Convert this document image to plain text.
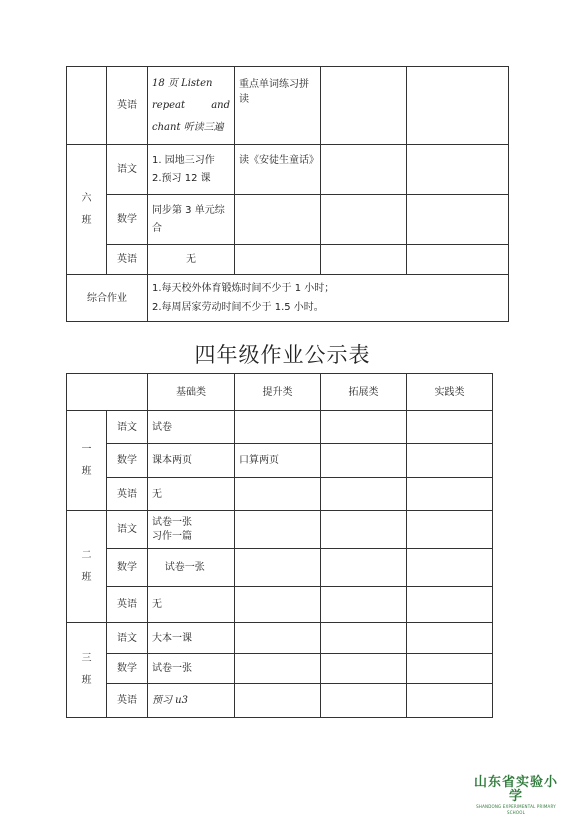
	英语	18 页 Listen
repeat and
chant 听读三遍	重点单词练习拼读		
六
班	语文	1. 园地三习作
2.预习 12 课	读《安徒生童话》		
	数学	同步第 3 单元综合			
	英语	无			
综合作业		1.每天校外体育锻炼时间不少于 1 小时；
2.每周居家劳动时间不少于 1.5 小时。			
四年级作业公示表
		基础类	提升类	拓展类	实践类
一
班	语文	试卷			
	数学	课本两页	口算两页		
	英语	无			
二
班	语文	试卷一张
习作一篇			
	数学	试卷一张			
	英语	无			
三
班	语文	大本一课			
	数学	试卷一张			
	英语	预习 u3			
山东省实验小学
SHANDONG EXPERIMENTAL PRIMARY SCHOOL
